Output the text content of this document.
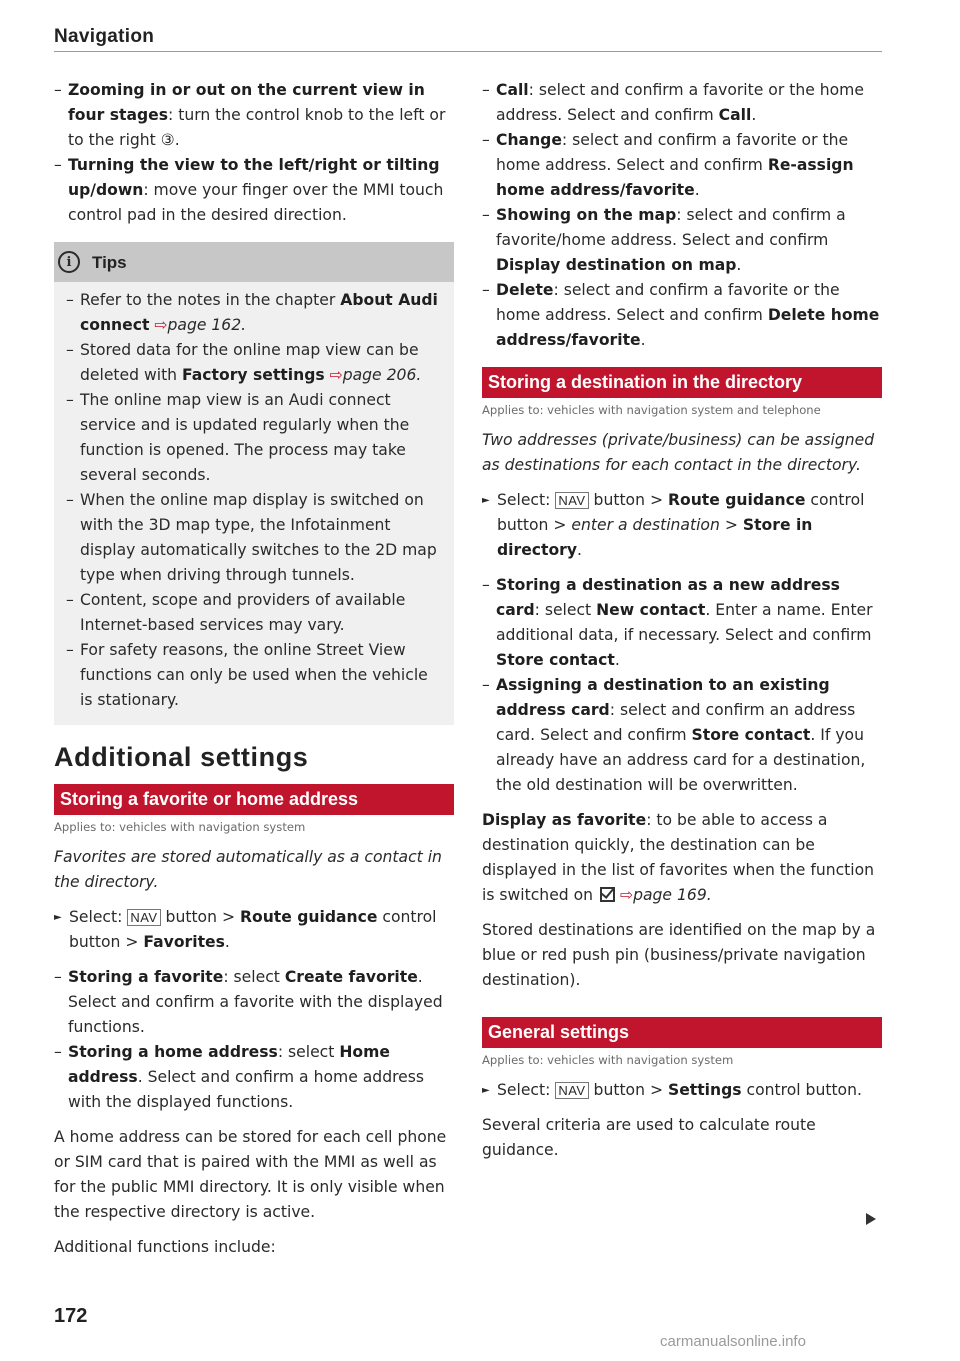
Navigation
– Zooming in or out on the current view in four stages: turn the control knob to the left or to the right ③.
– Turning the view to the left/right or tilting up/down: move your finger over the MMI touch control pad in the desired direction.
i	Tips
– Refer to the notes in the chapter About Audi connect ⇨page 162.
– Stored data for the online map view can be deleted with Factory settings ⇨page 206.
– The online map view is an Audi connect service and is updated regularly when the function is opened. The process may take several seconds.
– When the online map display is switched on with the 3D map type, the Infotainment display automatically switches to the 2D map type when driving through tunnels.
– Content, scope and providers of available Internet-based services may vary.
– For safety reasons, the online Street View functions can only be used when the vehicle is stationary.
Additional settings
Storing a favorite or home address
Applies to: vehicles with navigation system
Favorites are stored automatically as a contact in the directory.
► Select: NAV button > Route guidance control button > Favorites.
– Storing a favorite: select Create favorite. Select and confirm a favorite with the displayed functions.
– Storing a home address: select Home address. Select and confirm a home address with the displayed functions.
A home address can be stored for each cell phone or SIM card that is paired with the MMI as well as for the public MMI directory. It is only visible when the respective directory is active.
Additional functions include:
– Call: select and confirm a favorite or the home address. Select and confirm Call.
– Change: select and confirm a favorite or the home address. Select and confirm Re-assign home address/favorite.
– Showing on the map: select and confirm a favorite/home address. Select and confirm Display destination on map.
– Delete: select and confirm a favorite or the home address. Select and confirm Delete home address/favorite.
Storing a destination in the directory
Applies to: vehicles with navigation system and telephone
Two addresses (private/business) can be assigned as destinations for each contact in the directory.
► Select: NAV button > Route guidance control button > enter a destination > Store in directory.
– Storing a destination as a new address card: select New contact. Enter a name. Enter additional data, if necessary. Select and confirm Store contact.
– Assigning a destination to an existing address card: select and confirm an address card. Select and confirm Store contact. If you already have an address card for a destination, the old destination will be overwritten.
Display as favorite: to be able to access a destination quickly, the destination can be displayed in the list of favorites when the function is switched on  ⇨page 169.
Stored destinations are identified on the map by a blue or red push pin (business/private navigation destination).
General settings
Applies to: vehicles with navigation system
► Select: NAV button > Settings control button.
Several criteria are used to calculate route guidance.
172
carmanualsonline.info
